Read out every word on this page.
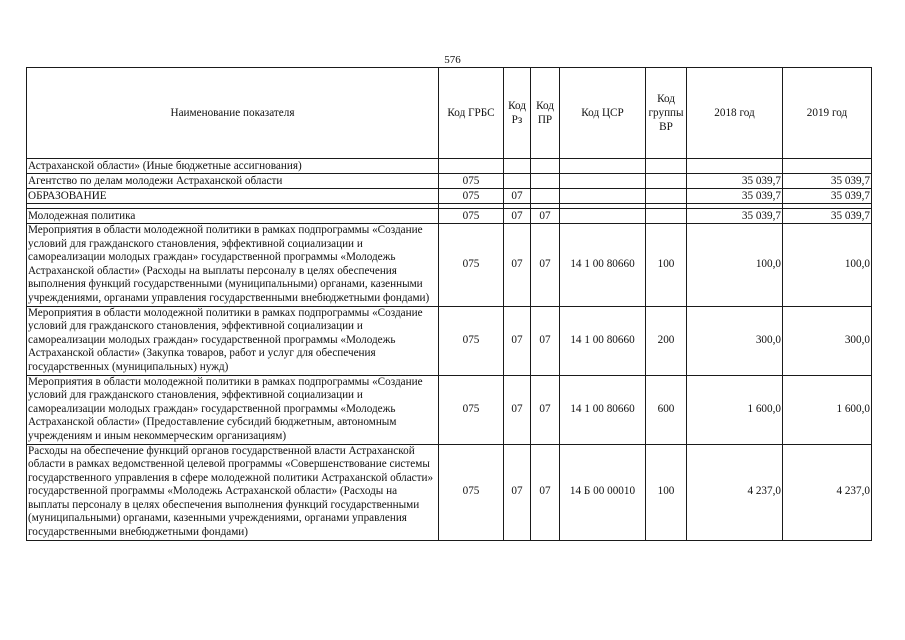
576
Наименование показателя	Код ГРБС	Код Рз	Код ПР	Код ЦСР	Код группы ВР	2018 год	2019 год
Астраханской области» (Иные бюджетные ассигнования)							
Агентство по делам молодежи Астраханской области	075					35 039,7	35 039,7
ОБРАЗОВАНИЕ	075	07				35 039,7	35 039,7

Молодежная политика	075	07	07			35 039,7	35 039,7
Мероприятия в области молодежной политики в рамках подпрограммы «Создание условий для гражданского становления, эффективной социализации и самореализации молодых граждан» государственной программы «Молодежь Астраханской области» (Расходы на выплаты персоналу в целях обеспечения выполнения функций государственными (муниципальными) органами, казенными учреждениями, органами управления государственными внебюджетными фондами)	075	07	07	14 1 00 80660	100	100,0	100,0
Мероприятия в области молодежной политики в рамках подпрограммы «Создание условий для гражданского становления, эффективной социализации и самореализации молодых граждан» государственной программы «Молодежь Астраханской области» (Закупка товаров, работ и услуг для обеспечения государственных (муниципальных) нужд)	075	07	07	14 1 00 80660	200	300,0	300,0
Мероприятия в области молодежной политики в рамках подпрограммы «Создание условий для гражданского становления, эффективной социализации и самореализации молодых граждан» государственной программы «Молодежь Астраханской области» (Предоставление субсидий бюджетным, автономным учреждениям и иным некоммерческим организациям)	075	07	07	14 1 00 80660	600	1 600,0	1 600,0
Расходы на обеспечение функций органов государственной власти Астраханской области в рамках ведомственной целевой программы «Совершенствование системы государственного управления в сфере молодежной политики Астраханской области» государственной программы «Молодежь Астраханской области» (Расходы на выплаты персоналу в целях обеспечения выполнения функций государственными (муниципальными) органами, казенными учреждениями, органами управления государственными внебюджетными фондами)	075	07	07	14 Б 00 00010	100	4 237,0	4 237,0
